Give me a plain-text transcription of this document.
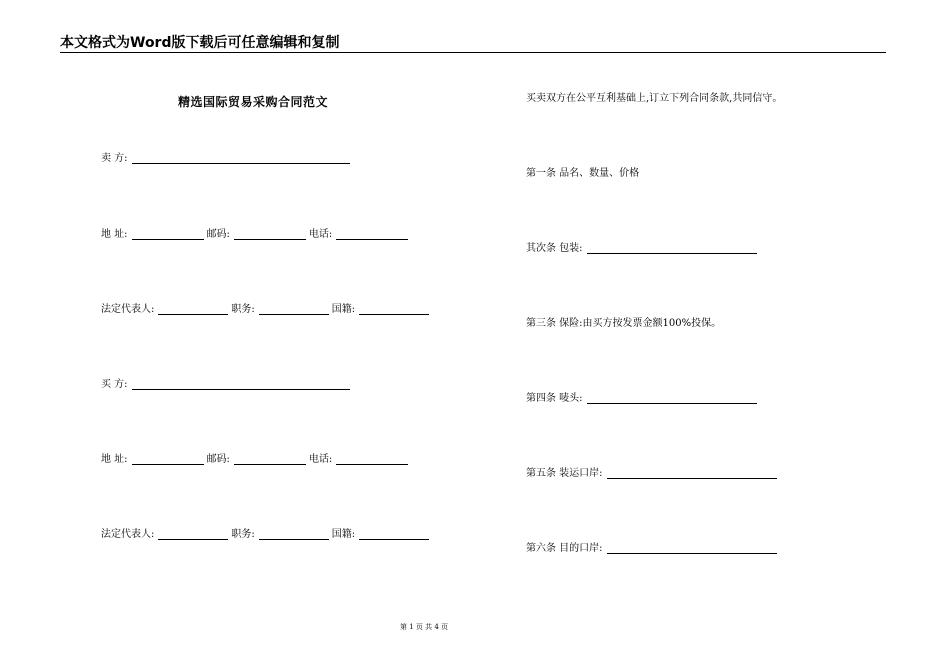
本文格式为Word版下载后可任意编辑和复制
精选国际贸易采购合同范文
卖 方:
地 址:	邮码:	电话:
法定代表人:	职务:	国籍:
买 方:
地 址:	邮码:	电话:
法定代表人:	职务:	国籍:
买卖双方在公平互利基础上,订立下列合同条款,共同信守。
第一条 品名、数量、价格
其次条 包装:
第三条 保险:由买方按发票金额100%投保。
第四条 唛头:
第五条 装运口岸:
第六条 目的口岸:
第 1 页 共 4 页
